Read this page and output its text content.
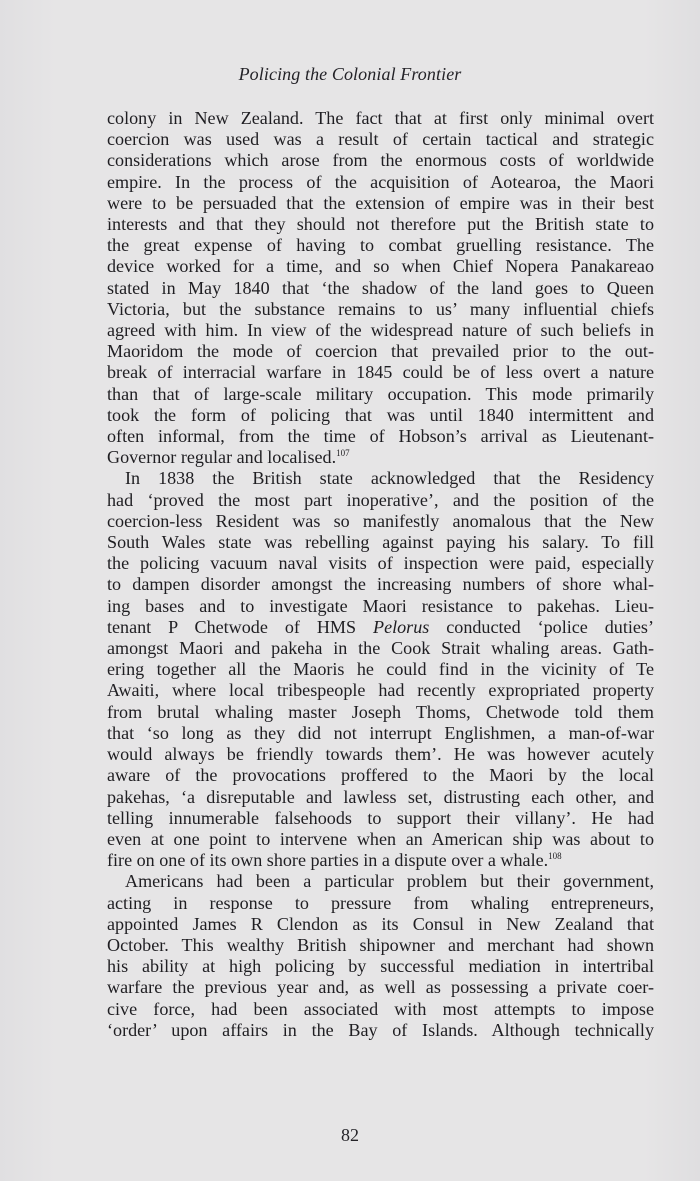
Policing the Colonial Frontier
colony in New Zealand. The fact that at first only minimal overt
coercion was used was a result of certain tactical and strategic
considerations which arose from the enormous costs of worldwide
empire. In the process of the acquisition of Aotearoa, the Maori
were to be persuaded that the extension of empire was in their best
interests and that they should not therefore put the British state to
the great expense of having to combat gruelling resistance. The
device worked for a time, and so when Chief Nopera Panakareao
stated in May 1840 that ‘the shadow of the land goes to Queen
Victoria, but the substance remains to us’ many influential chiefs
agreed with him. In view of the widespread nature of such beliefs in
Maoridom the mode of coercion that prevailed prior to the out-
break of interracial warfare in 1845 could be of less overt a nature
than that of large-scale military occupation. This mode primarily
took the form of policing that was until 1840 intermittent and
often informal, from the time of Hobson’s arrival as Lieutenant-
Governor regular and localised.$^{107}$
In 1838 the British state acknowledged that the Residency
had ‘proved the most part inoperative’, and the position of the
coercion-less Resident was so manifestly anomalous that the New
South Wales state was rebelling against paying his salary. To fill
the policing vacuum naval visits of inspection were paid, especially
to dampen disorder amongst the increasing numbers of shore whal-
ing bases and to investigate Maori resistance to pakehas. Lieu-
tenant P Chetwode of HMS Pelorus conducted ‘police duties’
amongst Maori and pakeha in the Cook Strait whaling areas. Gath-
ering together all the Maoris he could find in the vicinity of Te
Awaiti, where local tribespeople had recently expropriated property
from brutal whaling master Joseph Thoms, Chetwode told them
that ‘so long as they did not interrupt Englishmen, a man-of-war
would always be friendly towards them’. He was however acutely
aware of the provocations proffered to the Maori by the local
pakehas, ‘a disreputable and lawless set, distrusting each other, and
telling innumerable falsehoods to support their villany’. He had
even at one point to intervene when an American ship was about to
fire on one of its own shore parties in a dispute over a whale.$^{108}$
Americans had been a particular problem but their government,
acting in response to pressure from whaling entrepreneurs,
appointed James R Clendon as its Consul in New Zealand that
October. This wealthy British shipowner and merchant had shown
his ability at high policing by successful mediation in intertribal
warfare the previous year and, as well as possessing a private coer-
cive force, had been associated with most attempts to impose
‘order’ upon affairs in the Bay of Islands. Although technically
82
